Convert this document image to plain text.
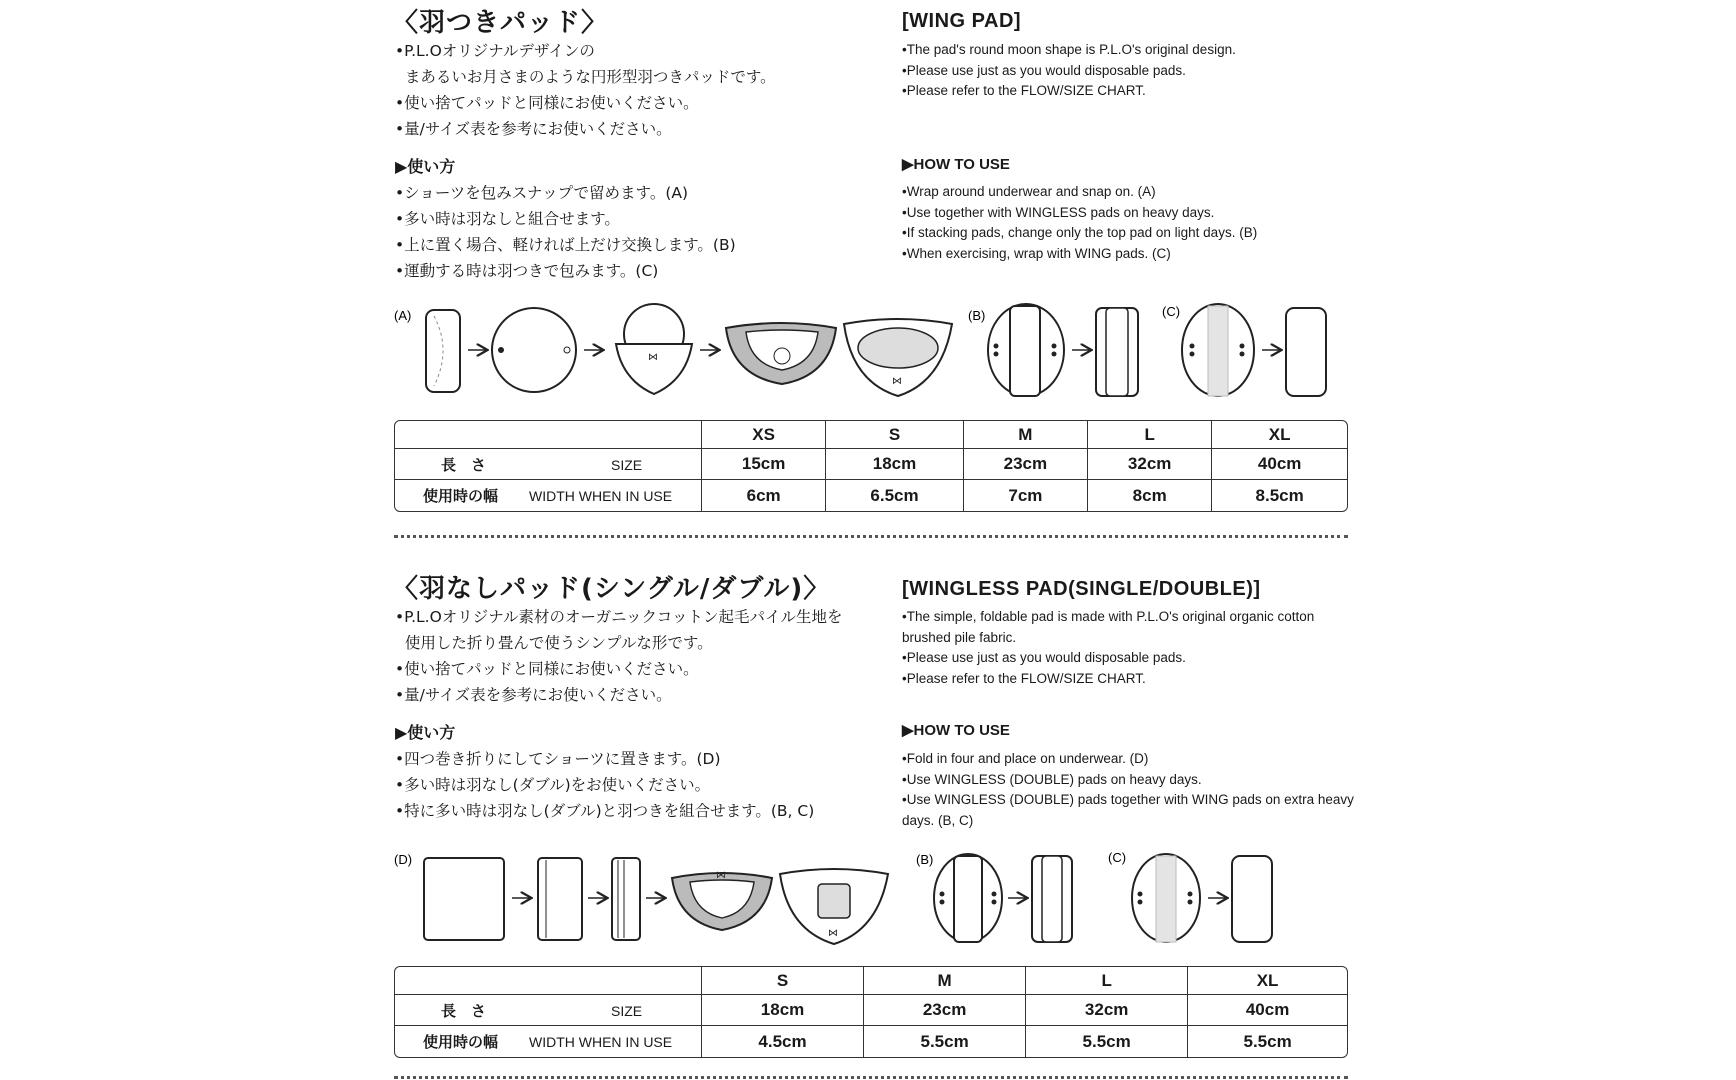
〈羽つきパッド〉
•P.L.Oオリジナルデザインの
まあるいお月さまのような円形型羽つきパッドです。
•使い捨てパッドと同様にお使いください。
•量/サイズ表を参考にお使いください。
▶使い方
•ショーツを包みスナップで留めます。(A)
•多い時は羽なしと組合せます。
•上に置く場合、軽ければ上だけ交換します。(B)
•運動する時は羽つきで包みます。(C)
[WING PAD]
•The pad's round moon shape is P.L.O's original design.
•Please use just as you would disposable pads.
•Please refer to the FLOW/SIZE CHART.
▶HOW TO USE
•Wrap around underwear and snap on. (A)
•Use together with WINGLESS pads on heavy days.
•If stacking pads, change only the top pad on light days. (B)
•When exercising, wrap with WING pads. (C)
(A)
⋈
⋈
(B)	(C)
	XS	S	M	L	XL
長　さ SIZE	15cm	18cm	23cm	32cm	40cm
使用時の幅 WIDTH WHEN IN USE	6cm	6.5cm	7cm	8cm	8.5cm
〈羽なしパッド(シングル/ダブル)〉
•P.L.Oオリジナル素材のオーガニックコットン起毛パイル生地を
使用した折り畳んで使うシンプルな形です。
•使い捨てパッドと同様にお使いください。
•量/サイズ表を参考にお使いください。
▶使い方
•四つ巻き折りにしてショーツに置きます。(D)
•多い時は羽なし(ダブル)をお使いください。
•特に多い時は羽なし(ダブル)と羽つきを組合せます。(B, C)
[WINGLESS PAD(SINGLE/DOUBLE)]
•The simple, foldable pad is made with P.L.O's original organic cotton
brushed pile fabric.
•Please use just as you would disposable pads.
•Please refer to the FLOW/SIZE CHART.
▶HOW TO USE
•Fold in four and place on underwear. (D)
•Use WINGLESS (DOUBLE) pads on heavy days.
•Use WINGLESS (DOUBLE) pads together with WING pads on extra heavy
days. (B, C)
(D)
⋈
⋈
(B)	(C)
	S	M	L	XL
長　さ SIZE	18cm	23cm	32cm	40cm
使用時の幅 WIDTH WHEN IN USE	4.5cm	5.5cm	5.5cm	5.5cm
